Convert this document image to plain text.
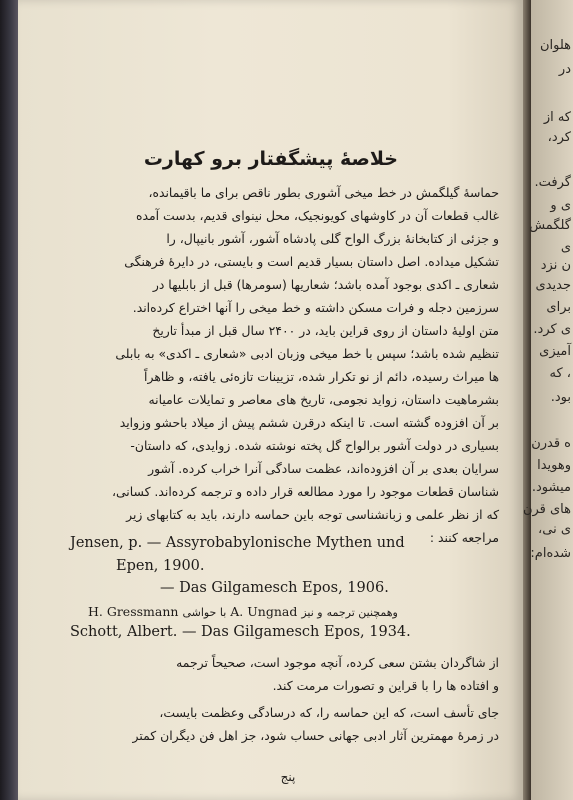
خلاصهٔ پیشگفتار برو کهارت
حماسهٔ گیلگمش در خط میخی آشوری بطور ناقص برای ما باقیمانده،
غالب قطعات آن در کاوشهای کویونجیک، محل نینوای قدیم، بدست آمده
و جزئی از کتابخانهٔ بزرگ الواح گلی پادشاه آشور، آشور بانیپال، را
تشکیل میداده. اصل داستان بسیار قدیم است و بایستی، در دایرهٔ فرهنگی
شعاری ـ اکدی بوجود آمده باشد؛ شعاریها (سومرها) قبل از بابلیها در
سرزمین دجله و فرات مسکن داشته و خط میخی را آنها اختراع کرده‌اند.
متن اولیهٔ داستان از روی قراین باید، در ۲۴۰۰ سال قبل از مبدأ تاریخ
تنظیم شده باشد؛ سپس با خط میخی وزبان ادبی «شعاری ـ اکدی» به بابلی
ها میراث رسیده، دائم از نو تکرار شده، تزیینات تازه‌ئی یافته، و ظاهراً
بشرماهیت داستان، زواید نجومی، تاریخ های معاصر و تمایلات عامیانه
بر آن افزوده گشته است. تا اینکه درقرن ششم پیش از میلاد باحشو وزواید
بسیاری در دولت آشور برالواح گل پخته نوشته شده. زوایدی، که داستان-
سرایان بعدی بر آن افزوده‌اند، عظمت سادگی آنرا خراب کرده. آشور
شناسان قطعات موجود را مورد مطالعه قرار داده و ترجمه کرده‌اند. کسانی،
که از نظر علمی و زبانشناسی توجه باین حماسه دارند، باید به کتابهای زیر
مراجعه کنند :
Jensen, p. — Assyrobabylonische Mythen und
Epen, 1900.
— Das Gilgamesch Epos, 1906.
H. Gressmann با حواشی A. Ungnad	وهمچنین ترجمه و نیز
Schott, Albert. — Das Gilgamesch Epos, 1934.
از شاگردان بشتن سعی کرده، آنچه موجود است، صحیحاً ترجمه
و افتاده ها را با قراین و تصورات مرمت کند.
جای تأسف است، که این حماسه را، که درسادگی وعظمت بایست،
در زمرهٔ مهمترین آثار ادبی جهانی حساب شود، جز اهل فن دیگران کمتر
پنج
هلوان
در
که از
کرد،
گرفت.
ی و
گلگمش
ی
ن نزد
جدیدی
برای
ی کرد.
آمیزی
، که
بود.
ه قدرن
وهویدا
میشود.
های قرن
ی نی،
شده‌ام:
